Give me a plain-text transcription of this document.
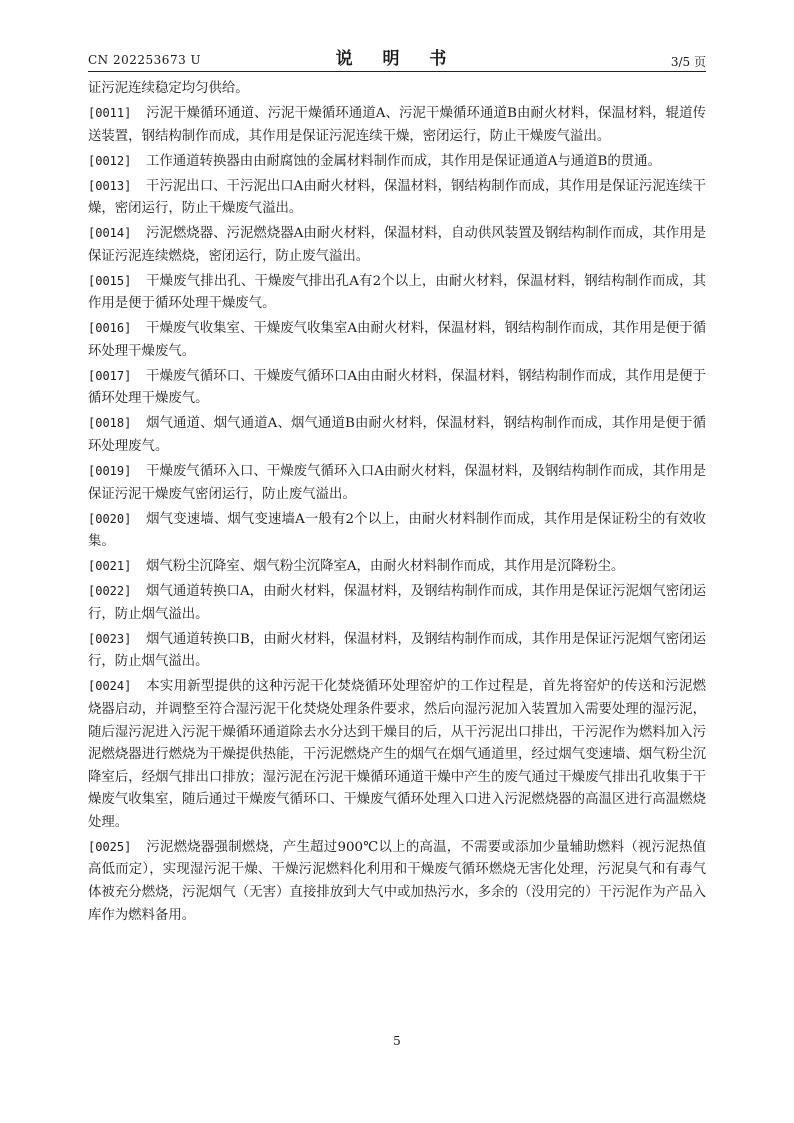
CN 202253673 U	说 明 书	3/5 页

证污泥连续稳定均匀供给。

[0011] 污泥干燥循环通道、污泥干燥循环通道A、污泥干燥循环通道B由耐火材料，保温材料，辊道传送装置，钢结构制作而成，其作用是保证污泥连续干燥，密闭运行，防止干燥废气溢出。

[0012] 工作通道转换器由由耐腐蚀的金属材料制作而成，其作用是保证通道A与通道B的贯通。

[0013] 干污泥出口、干污泥出口A由耐火材料，保温材料，钢结构制作而成，其作用是保证污泥连续干燥，密闭运行，防止干燥废气溢出。

[0014] 污泥燃烧器、污泥燃烧器A由耐火材料，保温材料，自动供风装置及钢结构制作而成，其作用是保证污泥连续燃烧，密闭运行，防止废气溢出。

[0015] 干燥废气排出孔、干燥废气排出孔A有2个以上，由耐火材料，保温材料，钢结构制作而成，其作用是便于循环处理干燥废气。

[0016] 干燥废气收集室、干燥废气收集室A由耐火材料，保温材料，钢结构制作而成，其作用是便于循环处理干燥废气。

[0017] 干燥废气循环口、干燥废气循环口A由由耐火材料，保温材料，钢结构制作而成，其作用是便于循环处理干燥废气。

[0018] 烟气通道、烟气通道A、烟气通道B由耐火材料，保温材料，钢结构制作而成，其作用是便于循环处理废气。

[0019] 干燥废气循环入口、干燥废气循环入口A由耐火材料，保温材料，及钢结构制作而成，其作用是保证污泥干燥废气密闭运行，防止废气溢出。

[0020] 烟气变速墙、烟气变速墙A一般有2个以上，由耐火材料制作而成，其作用是保证粉尘的有效收集。

[0021] 烟气粉尘沉降室、烟气粉尘沉降室A，由耐火材料制作而成，其作用是沉降粉尘。

[0022] 烟气通道转换口A，由耐火材料，保温材料，及钢结构制作而成，其作用是保证污泥烟气密闭运行，防止烟气溢出。

[0023] 烟气通道转换口B，由耐火材料，保温材料，及钢结构制作而成，其作用是保证污泥烟气密闭运行，防止烟气溢出。

[0024] 本实用新型提供的这种污泥干化焚烧循环处理窑炉的工作过程是，首先将窑炉的传送和污泥燃烧器启动，并调整至符合湿污泥干化焚烧处理条件要求，然后向湿污泥加入装置加入需要处理的湿污泥，随后湿污泥进入污泥干燥循环通道除去水分达到干燥目的后，从干污泥出口排出，干污泥作为燃料加入污泥燃烧器进行燃烧为干燥提供热能，干污泥燃烧产生的烟气在烟气通道里，经过烟气变速墙、烟气粉尘沉降室后，经烟气排出口排放；湿污泥在污泥干燥循环通道干燥中产生的废气通过干燥废气排出孔收集于干燥废气收集室，随后通过干燥废气循环口、干燥废气循环处理入口进入污泥燃烧器的高温区进行高温燃烧处理。

[0025] 污泥燃烧器强制燃烧，产生超过900℃以上的高温，不需要或添加少量辅助燃料（视污泥热值高低而定），实现湿污泥干燥、干燥污泥燃料化利用和干燥废气循环燃烧无害化处理，污泥臭气和有毒气体被充分燃烧，污泥烟气（无害）直接排放到大气中或加热污水，多余的（没用完的）干污泥作为产品入库作为燃料备用。

5
